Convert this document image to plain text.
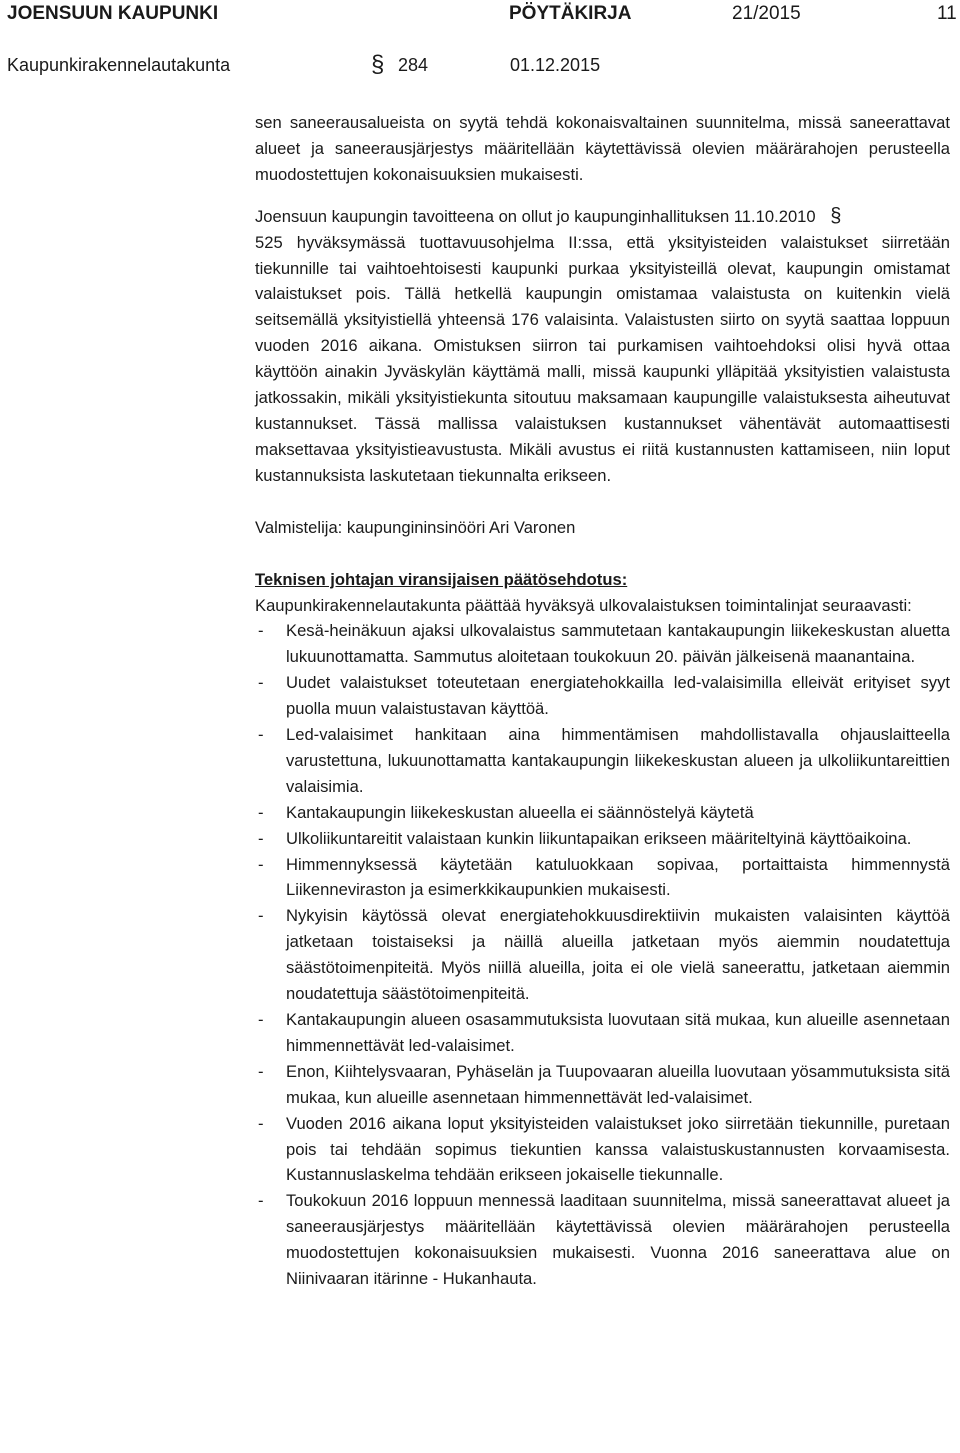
JOENSUUN KAUPUNKI	PÖYTÄKIRJA	21/2015	11
Kaupunkirakennelautakunta	§ 284	01.12.2015

sen saneerausalueista on syytä tehdä kokonaisvaltainen suunnitelma, missä saneerattavat alueet ja saneerausjärjestys määritellään käytettävissä olevien määrärahojen perusteella muodostettujen kokonaisuuksien mukaisesti.

Joensuun kaupungin tavoitteena on ollut jo kaupunginhallituksen 11.10.2010 §

525 hyväksymässä tuottavuusohjelma II:ssa, että yksityisteiden valaistukset siirretään tiekunnille tai vaihtoehtoisesti kaupunki purkaa yksityisteillä olevat, kaupungin omistamat valaistukset pois. Tällä hetkellä kaupungin omistamaa valaistusta on kuitenkin vielä seitsemällä yksityistiellä yhteensä 176 valaisinta. Valaistusten siirto on syytä saattaa loppuun vuoden 2016 aikana. Omistuksen siirron tai purkamisen vaihtoehdoksi olisi hyvä ottaa käyttöön ainakin Jyväskylän käyttämä malli, missä kaupunki ylläpitää yksityistien valaistusta jatkossakin, mikäli yksityistiekunta sitoutuu maksamaan kaupungille valaistuksesta aiheutuvat kustannukset. Tässä mallissa valaistuksen kustannukset vähentävät automaattisesti maksettavaa yksityistieavustusta. Mikäli avustus ei riitä kustannusten kattamiseen, niin loput kustannuksista laskutetaan tiekunnalta erikseen.

Valmistelija: kaupungininsinööri Ari Varonen

Teknisen johtajan viransijaisen päätösehdotus:

Kaupunkirakennelautakunta päättää hyväksyä ulkovalaistuksen toimintalinjat seuraavasti:

- Kesä-heinäkuun ajaksi ulkovalaistus sammutetaan kantakaupungin liikekeskustan aluetta lukuunottamatta. Sammutus aloitetaan toukokuun 20. päivän jälkeisenä maanantaina.
- Uudet valaistukset toteutetaan energiatehokkailla led-valaisimilla elleivät erityiset syyt puolla muun valaistustavan käyttöä.
- Led-valaisimet hankitaan aina himmentämisen mahdollistavalla ohjauslaitteella varustettuna, lukuunottamatta kantakaupungin liikekeskustan alueen ja ulkoliikuntareittien valaisimia.
- Kantakaupungin liikekeskustan alueella ei säännöstelyä käytetä
- Ulkoliikuntareitit valaistaan kunkin liikuntapaikan erikseen määriteltyinä käyttöaikoina.
- Himmennyksessä käytetään katuluokkaan sopivaa, portaittaista himmennystä Liikenneviraston ja esimerkkikaupunkien mukaisesti.
- Nykyisin käytössä olevat energiatehokkuusdirektiivin mukaisten valaisinten käyttöä jatketaan toistaiseksi ja näillä alueilla jatketaan myös aiemmin noudatettuja säästötoimenpiteitä. Myös niillä alueilla, joita ei ole vielä saneerattu, jatketaan aiemmin noudatettuja säästötoimenpiteitä.
- Kantakaupungin alueen osasammutuksista luovutaan sitä mukaa, kun alueille asennetaan himmennettävät led-valaisimet.
- Enon, Kiihtelysvaaran, Pyhäselän ja Tuupovaaran alueilla luovutaan yösammutuksista sitä mukaa, kun alueille asennetaan himmennettävät led-valaisimet.
- Vuoden 2016 aikana loput yksityisteiden valaistukset joko siirretään tiekunnille, puretaan pois tai tehdään sopimus tiekuntien kanssa valaistuskustannusten korvaamisesta. Kustannuslaskelma tehdään erikseen jokaiselle tiekunnalle.
- Toukokuun 2016 loppuun mennessä laaditaan suunnitelma, missä saneerattavat alueet ja saneerausjärjestys määritellään käytettävissä olevien määrärahojen perusteella muodostettujen kokonaisuuksien mukaisesti. Vuonna 2016 saneerattava alue on Niinivaaran itärinne - Hukanhauta.
